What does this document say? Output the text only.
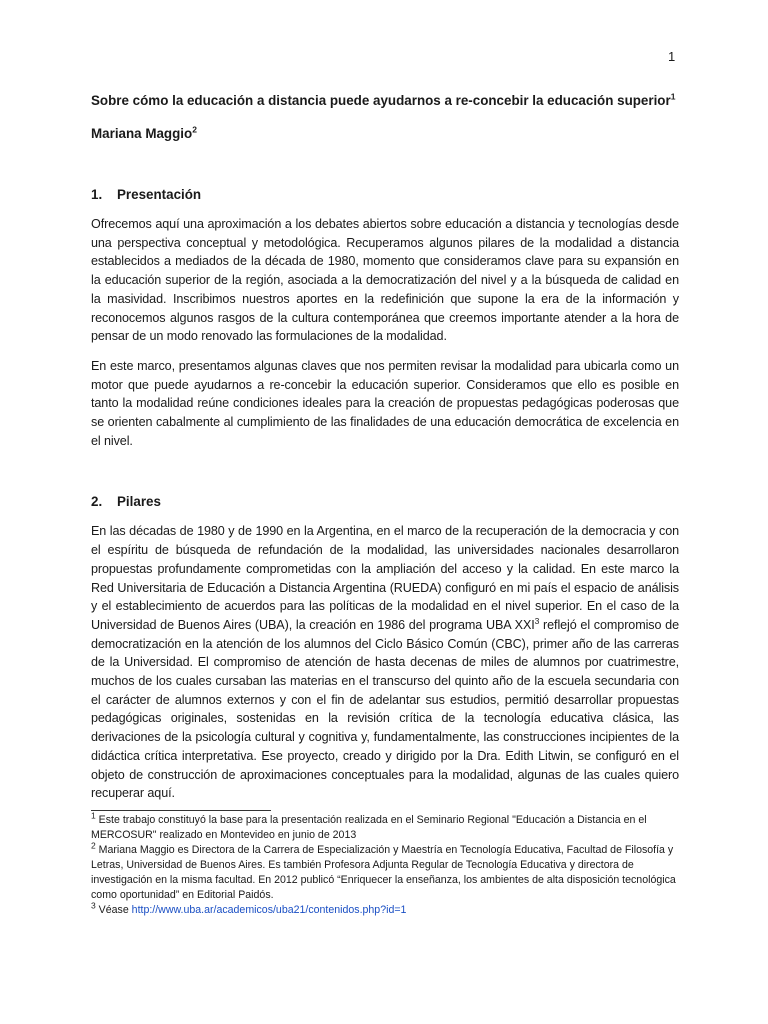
1
Sobre cómo la educación a distancia puede ayudarnos a re-concebir la educación superior$^1$
Mariana Maggio$^2$
1. Presentación

Ofrecemos aquí una aproximación a los debates abiertos sobre educación a distancia y tecnologías desde una perspectiva conceptual y metodológica. Recuperamos algunos pilares de la modalidad a distancia establecidos a mediados de la década de 1980, momento que consideramos clave para su expansión en la educación superior de la región, asociada a la democratización del nivel y a la búsqueda de calidad en la masividad. Inscribimos nuestros aportes en la redefinición que supone la era de la información y reconocemos algunos rasgos de la cultura contemporánea que creemos importante atender a la hora de pensar de un modo renovado las formulaciones de la modalidad.

En este marco, presentamos algunas claves que nos permiten revisar la modalidad para ubicarla como un motor que puede ayudarnos a re-concebir la educación superior. Consideramos que ello es posible en tanto la modalidad reúne condiciones ideales para la creación de propuestas pedagógicas poderosas que se orienten cabalmente al cumplimiento de las finalidades de una educación democrática de excelencia en el nivel.

2. Pilares

En las décadas de 1980 y de 1990 en la Argentina, en el marco de la recuperación de la democracia y con el espíritu de búsqueda de refundación de la modalidad, las universidades nacionales desarrollaron propuestas profundamente comprometidas con la ampliación del acceso y la calidad. En este marco la Red Universitaria de Educación a Distancia Argentina (RUEDA) configuró en mi país el espacio de análisis y el establecimiento de acuerdos para las políticas de la modalidad en el nivel superior. En el caso de la Universidad de Buenos Aires (UBA), la creación en 1986 del programa UBA XXI$^3$ reflejó el compromiso de democratización en la atención de los alumnos del Ciclo Básico Común (CBC), primer año de las carreras de la Universidad. El compromiso de atención de hasta decenas de miles de alumnos por cuatrimestre, muchos de los cuales cursaban las materias en el transcurso del quinto año de la escuela secundaria con el carácter de alumnos externos y con el fin de adelantar sus estudios, permitió desarrollar propuestas pedagógicas originales, sostenidas en la revisión crítica de la tecnología educativa clásica, las derivaciones de la psicología cultural y cognitiva y, fundamentalmente, las construcciones incipientes de la didáctica crítica interpretativa. Ese proyecto, creado y dirigido por la Dra. Edith Litwin, se configuró en el objeto de construcción de aproximaciones conceptuales para la modalidad, algunas de las cuales quiero recuperar aquí.

$^1$ Este trabajo constituyó la base para la presentación realizada en el Seminario Regional "Educación a Distancia en el MERCOSUR" realizado en Montevideo en junio de 2013
$^2$ Mariana Maggio es Directora de la Carrera de Especialización y Maestría en Tecnología Educativa, Facultad de Filosofía y Letras, Universidad de Buenos Aires. Es también Profesora Adjunta Regular de Tecnología Educativa y directora de investigación en la misma facultad. En 2012 publicó “Enriquecer la enseñanza, los ambientes de alta disposición tecnológica como oportunidad” en Editorial Paidós.
$^3$ Véase http://www.uba.ar/academicos/uba21/contenidos.php?id=1
